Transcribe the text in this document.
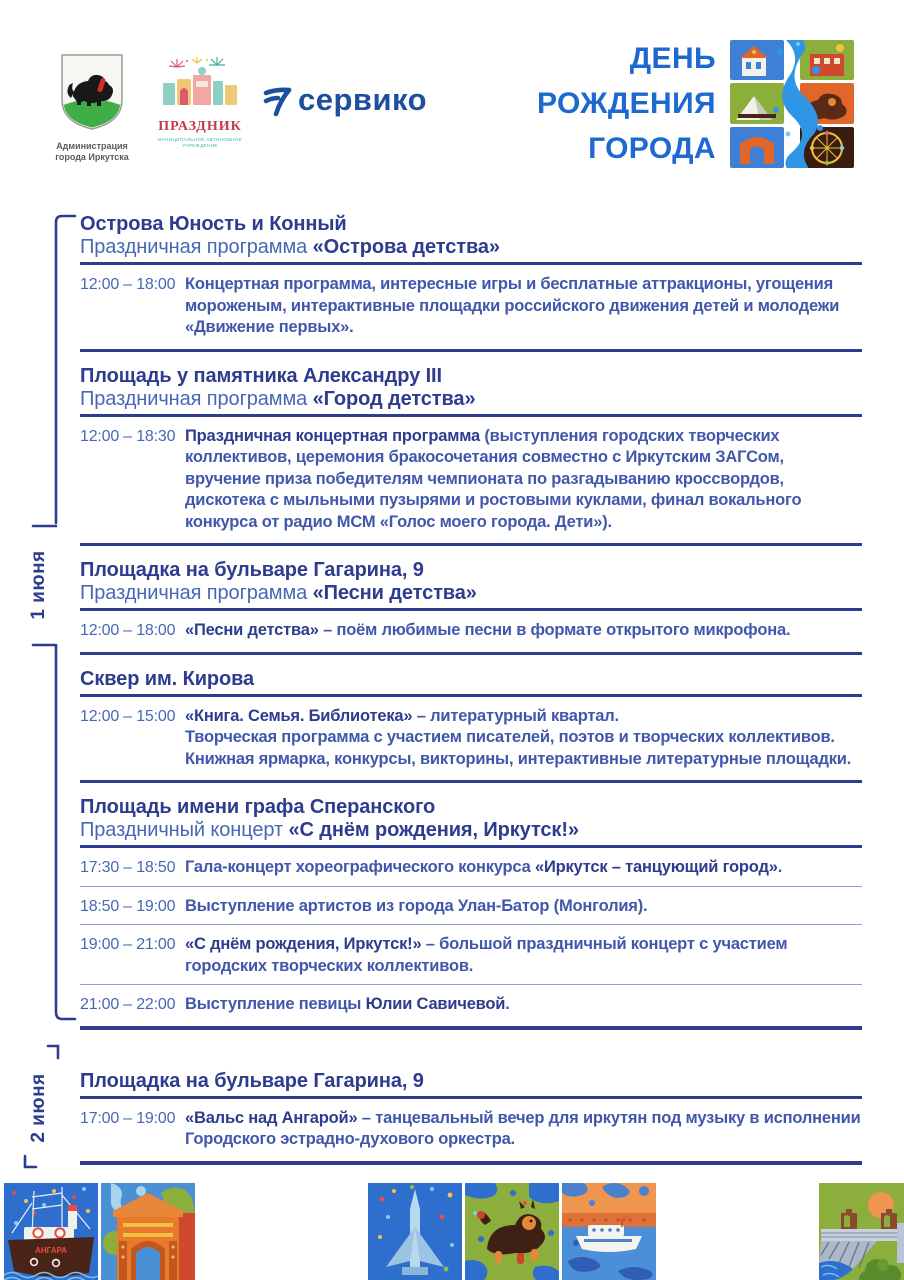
Администрация
города Иркутска
ПРАЗДНИК
МУНИЦИПАЛЬНОЕ АВТОНОМНОЕ УЧРЕЖДЕНИЕ
сервико
ДЕНЬ
РОЖДЕНИЯ
ГОРОДА
1 июня
2 июня
Острова Юность и Конный
Праздничная программа «Острова детства»
12:00 – 18:00 Концертная программа, интересные игры и бесплатные аттракционы, угощения мороженым, интерактивные площадки российского движения детей и молодежи «Движение первых».
Площадь у памятника Александру III
Праздничная программа «Город детства»
12:00 – 18:30 Праздничная концертная программа (выступления городских творческих коллективов, церемония бракосочетания совместно с Иркутским ЗАГСом, вручение приза победителям чемпионата по разгадыванию кроссвордов, дискотека с мыльными пузырями и ростовыми куклами, финал вокального конкурса от радио МСМ «Голос моего города. Дети»).
Площадка на бульваре Гагарина, 9
Праздничная программа «Песни детства»
12:00 – 18:00 «Песни детства» – поём любимые песни в формате открытого микрофона.
Сквер им. Кирова
12:00 – 15:00 «Книга. Семья. Библиотека» – литературный квартал.
Творческая программа с участием писателей, поэтов и творческих коллективов. Книжная ярмарка, конкурсы, викторины, интерактивные литературные площадки.
Площадь имени графа Сперанского
Праздничный концерт «С днём рождения, Иркутск!»
17:30 – 18:50 Гала-концерт хореографического конкурса «Иркутск – танцующий город».
18:50 – 19:00 Выступление артистов из города Улан-Батор (Монголия).
19:00 – 21:00 «С днём рождения, Иркутск!» – большой праздничный концерт с участием городских творческих коллективов.
21:00 – 22:00 Выступление певицы Юлии Савичевой.
Площадка на бульваре Гагарина, 9
17:00 – 19:00 «Вальс над Ангарой» – танцевальный вечер для иркутян под музыку в исполнении Городского эстрадно-духового оркестра.
АНГАРА
